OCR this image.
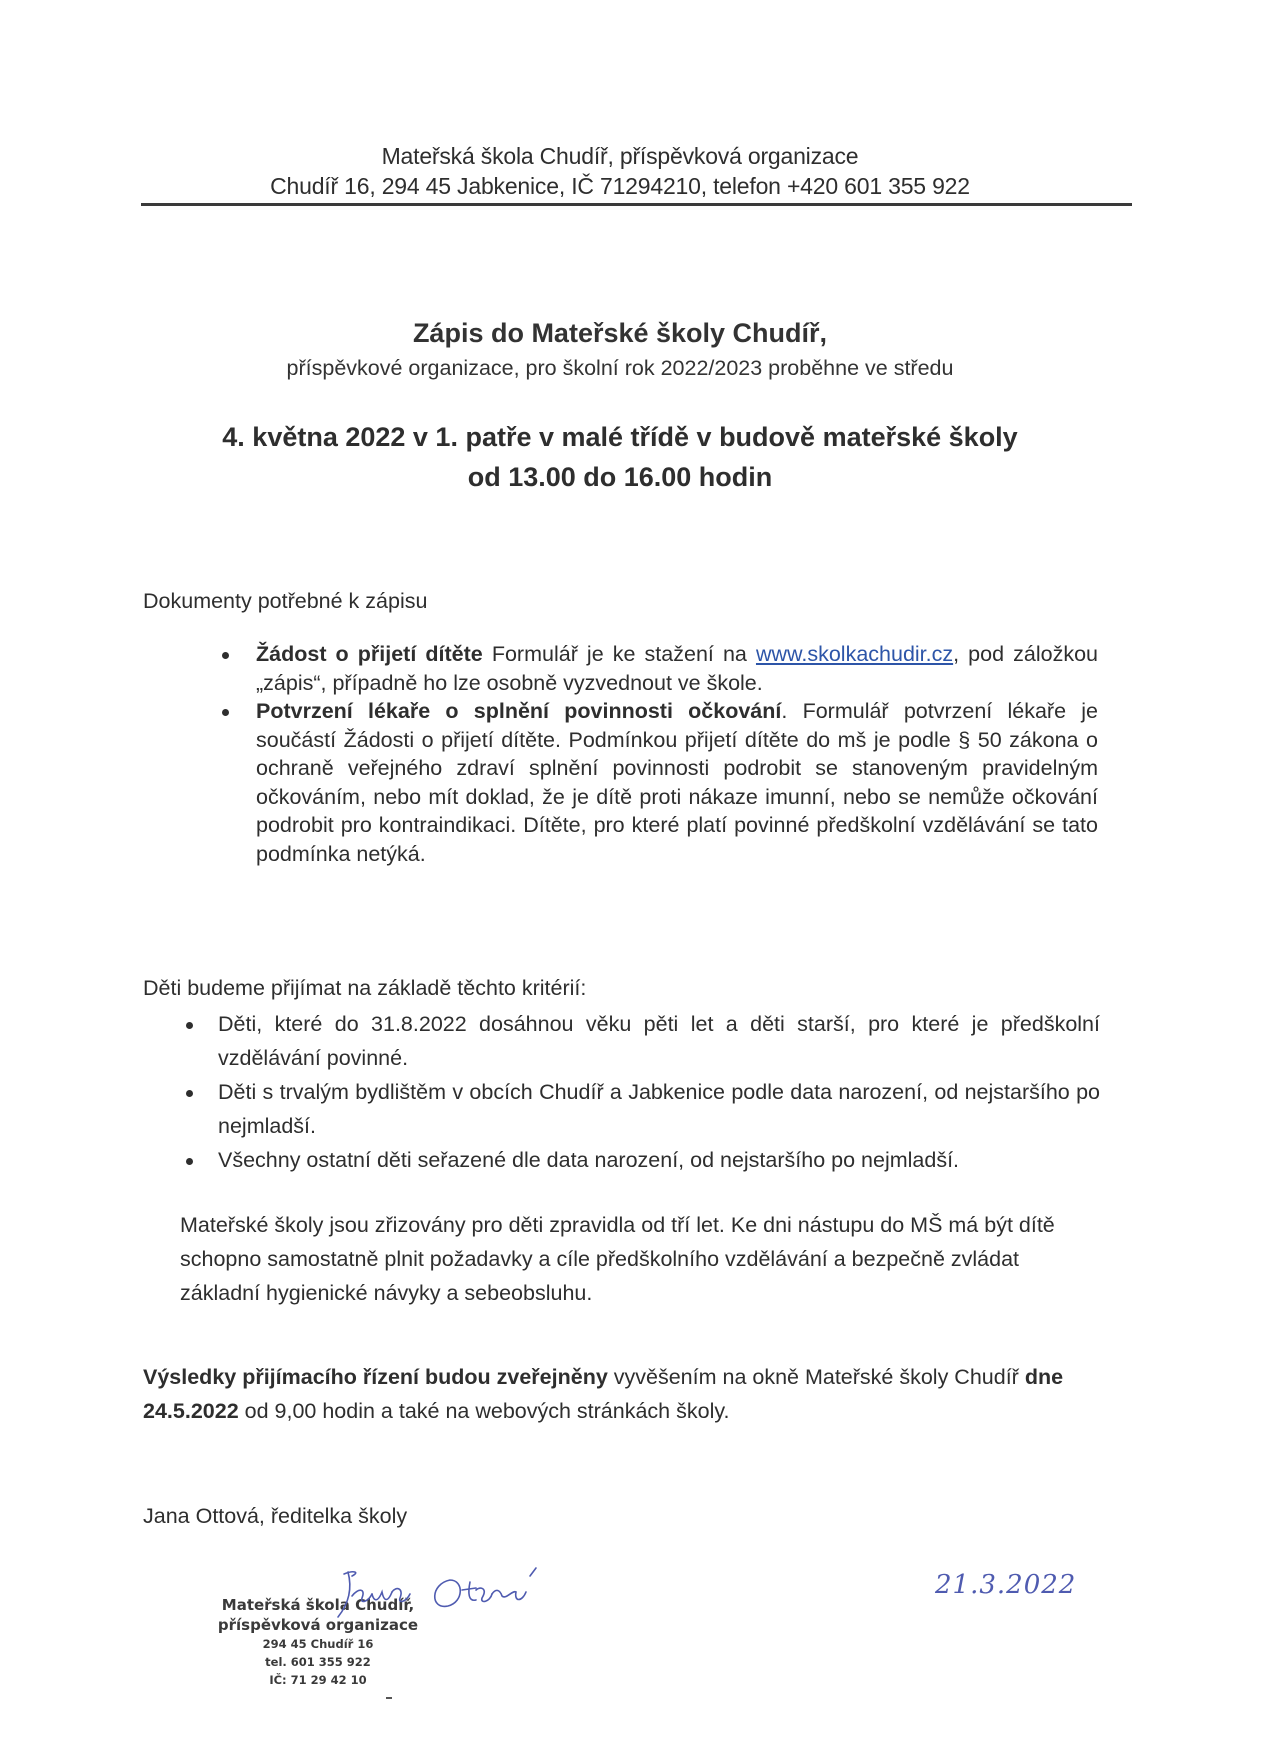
Mateřská škola Chudíř, příspěvková organizace
Chudíř 16, 294 45 Jabkenice, IČ 71294210, telefon +420 601 355 922
Zápis do Mateřské školy Chudíř,
příspěvkové organizace, pro školní rok 2022/2023 proběhne ve středu
4. května 2022 v 1. patře v malé třídě v budově mateřské školy
od 13.00 do 16.00 hodin
Dokumenty potřebné k zápisu
Žádost o přijetí dítěte Formulář je ke stažení na www.skolkachudir.cz, pod záložkou „zápis“, případně ho lze osobně vyzvednout ve škole.
Potvrzení lékaře o splnění povinnosti očkování. Formulář potvrzení lékaře je součástí Žádosti o přijetí dítěte. Podmínkou přijetí dítěte do mš je podle § 50 zákona o ochraně veřejného zdraví splnění povinnosti podrobit se stanoveným pravidelným očkováním, nebo mít doklad, že je dítě proti nákaze imunní, nebo se nemůže očkování podrobit pro kontraindikaci. Dítěte, pro které platí povinné předškolní vzdělávání se tato podmínka netýká.
Děti budeme přijímat na základě těchto kritérií:
Děti, které do 31.8.2022 dosáhnou věku pěti let a děti starší, pro které je předškolní vzdělávání povinné.
Děti s trvalým bydlištěm v obcích Chudíř a Jabkenice podle data narození, od nejstaršího po nejmladší.
Všechny ostatní děti seřazené dle data narození, od nejstaršího po nejmladší.
Mateřské školy jsou zřizovány pro děti zpravidla od tří let. Ke dni nástupu do MŠ má být dítě schopno samostatně plnit požadavky a cíle předškolního vzdělávání a bezpečně zvládat základní hygienické návyky a sebeobsluhu.
Výsledky přijímacího řízení budou zveřejněny vyvěšením na okně Mateřské školy Chudíř dne 24.5.2022 od 9,00 hodin a také na webových stránkách školy.
Jana Ottová, ředitelka školy
Mateřská škola Chudíř,
příspěvková organizace
294 45 Chudíř 16
tel. 601 355 922
IČ: 71 29 42 10
21.3.2022
